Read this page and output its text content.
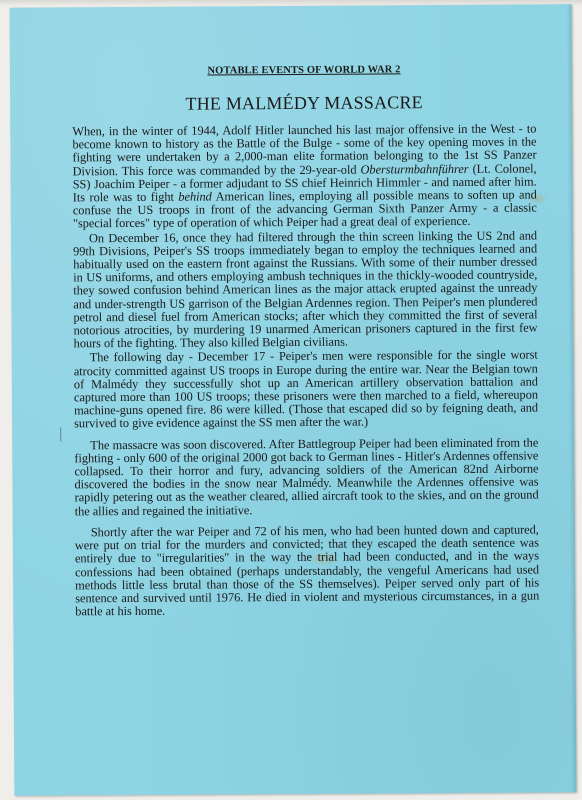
NOTABLE EVENTS OF WORLD WAR 2

THE MALMÉDY MASSACRE

When, in the winter of 1944, Adolf Hitler launched his last major offensive in the West - to become known to history as the Battle of the Bulge - some of the key opening moves in the fighting were undertaken by a 2,000-man elite formation belonging to the 1st SS Panzer Division. This force was commanded by the 29-year-old Obersturmbahnführer (Lt. Colonel, SS) Joachim Peiper - a former adjudant to SS chief Heinrich Himmler - and named after him. Its role was to fight behind American lines, employing all possible means to soften up and confuse the US troops in front of the advancing German Sixth Panzer Army - a classic "special forces" type of operation of which Peiper had a great deal of experience.

On December 16, once they had filtered through the thin screen linking the US 2nd and 99th Divisions, Peiper's SS troops immediately began to employ the techniques learned and habitually used on the eastern front against the Russians. With some of their number dressed in US uniforms, and others employing ambush techniques in the thickly-wooded countryside, they sowed confusion behind American lines as the major attack erupted against the unready and under-strength US garrison of the Belgian Ardennes region. Then Peiper's men plundered petrol and diesel fuel from American stocks; after which they committed the first of several notorious atrocities, by murdering 19 unarmed American prisoners captured in the first few hours of the fighting. They also killed Belgian civilians.

The following day - December 17 - Peiper's men were responsible for the single worst atrocity committed against US troops in Europe during the entire war. Near the Belgian town of Malmédy they successfully shot up an American artillery observation battalion and captured more than 100 US troops; these prisoners were then marched to a field, whereupon machine-guns opened fire. 86 were killed. (Those that escaped did so by feigning death, and survived to give evidence against the SS men after the war.)

The massacre was soon discovered. After Battlegroup Peiper had been eliminated from the fighting - only 600 of the original 2000 got back to German lines - Hitler's Ardennes offensive collapsed. To their horror and fury, advancing soldiers of the American 82nd Airborne discovered the bodies in the snow near Malmédy. Meanwhile the Ardennes offensive was rapidly petering out as the weather cleared, allied aircraft took to the skies, and on the ground the allies and regained the initiative.

Shortly after the war Peiper and 72 of his men, who had been hunted down and captured, were put on trial for the murders and convicted; that they escaped the death sentence was entirely due to "irregularities" in the way the trial had been conducted, and in the ways confessions had been obtained (perhaps understandably, the vengeful Americans had used methods little less brutal than those of the SS themselves). Peiper served only part of his sentence and survived until 1976. He died in violent and mysterious circumstances, in a gun battle at his home.
